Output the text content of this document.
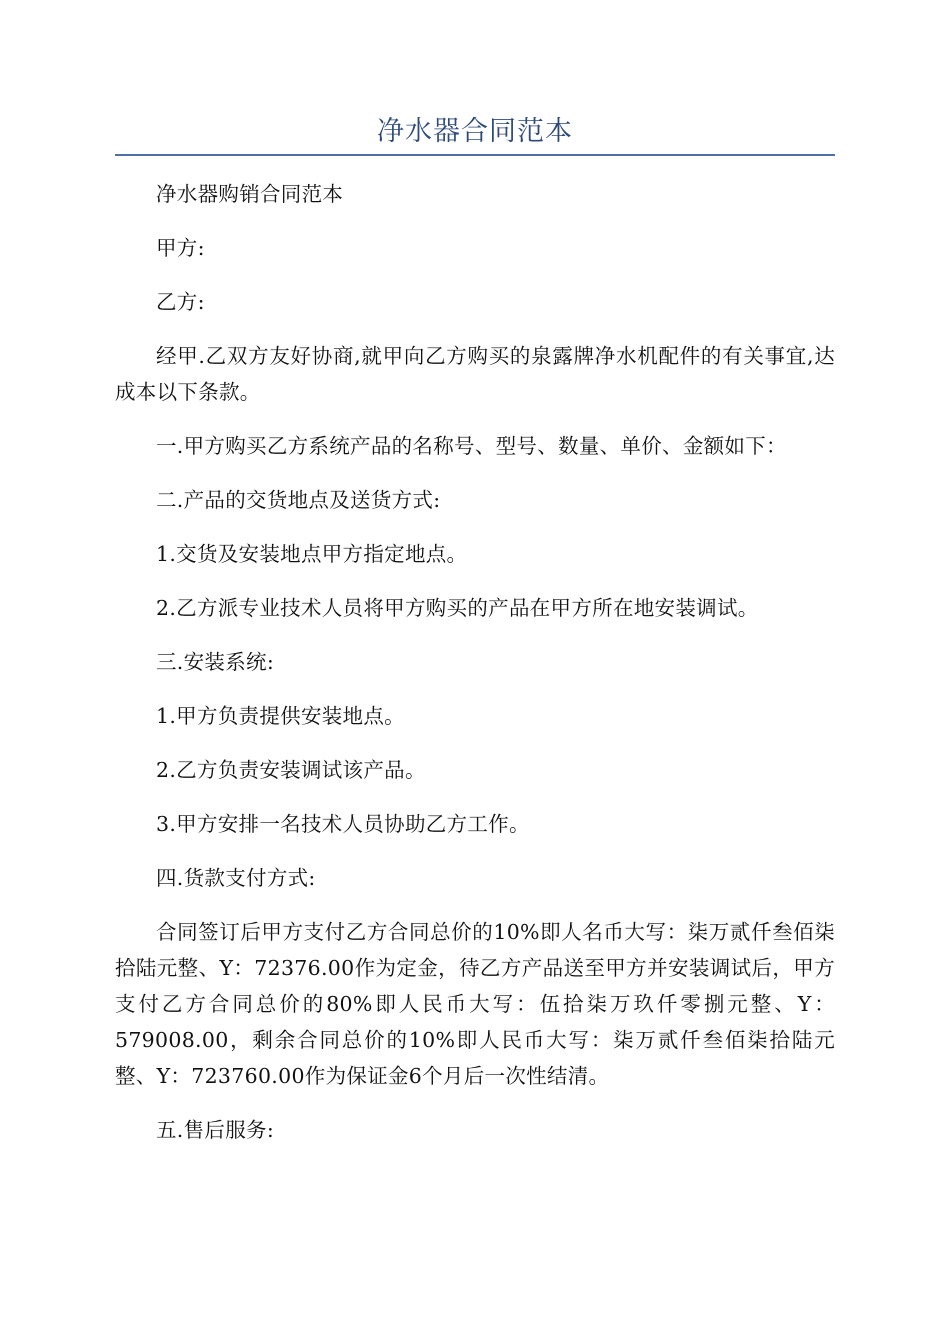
净水器合同范本

净水器购销合同范本

甲方:

乙方:

经甲.乙双方友好协商,就甲向乙方购买的泉露牌净水机配件的有关事宜,达成本以下条款。

一.甲方购买乙方系统产品的名称号、型号、数量、单价、金额如下：

二.产品的交货地点及送货方式:

1.交货及安装地点甲方指定地点。

2.乙方派专业技术人员将甲方购买的产品在甲方所在地安装调试。

三.安装系统:

1.甲方负责提供安装地点。

2.乙方负责安装调试该产品。

3.甲方安排一名技术人员协助乙方工作。

四.货款支付方式:

合同签订后甲方支付乙方合同总价的10%即人名币大写：柒万贰仟叁佰柒拾陆元整、Y：72376.00作为定金，待乙方产品送至甲方并安装调试后，甲方支付乙方合同总价的80%即人民币大写：伍拾柒万玖仟零捌元整、Y：579008.00，剩余合同总价的10%即人民币大写：柒万贰仟叁佰柒拾陆元整、Y：723760.00作为保证金6个月后一次性结清。

五.售后服务:
